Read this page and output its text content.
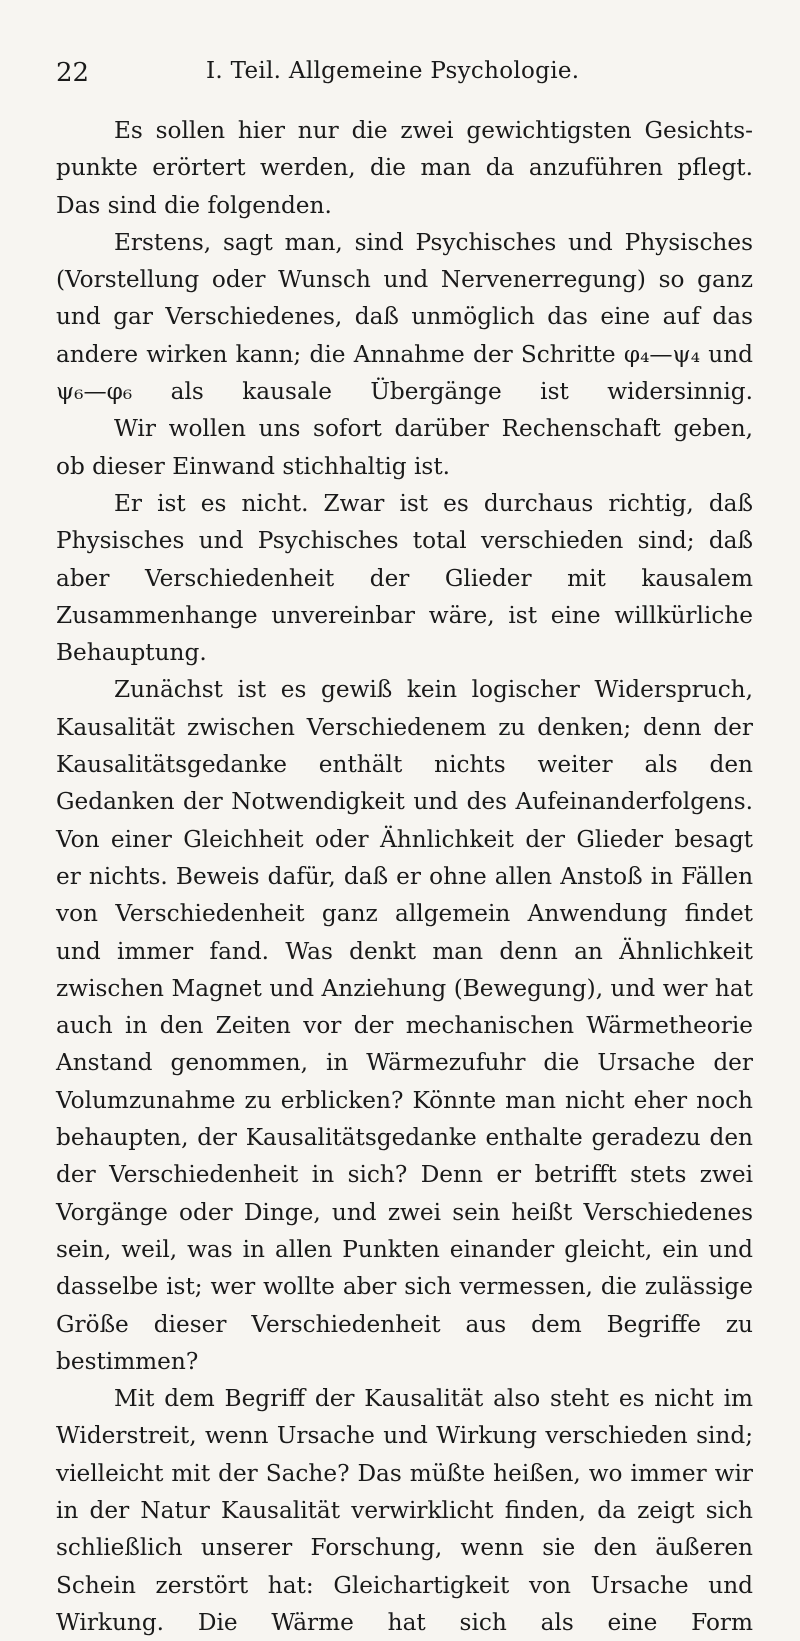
22	I. Teil. Allgemeine Psychologie.

Es sollen hier nur die zwei gewichtigsten Gesichtspunkte erörtert werden, die man da anzuführen pflegt. Das sind die folgenden.

Erstens, sagt man, sind Psychisches und Physisches (Vorstellung oder Wunsch und Nervenerregung) so ganz und gar Verschiedenes, daß unmöglich das eine auf das andere wirken kann; die Annahme der Schritte φ₄—ψ₄ und ψ₆—φ₆ als kausale Übergänge ist widersinnig.

Wir wollen uns sofort darüber Rechenschaft geben, ob dieser Einwand stichhaltig ist.

Er ist es nicht. Zwar ist es durchaus richtig, daß Physisches und Psychisches total verschieden sind; daß aber Verschiedenheit der Glieder mit kausalem Zusammenhange unvereinbar wäre, ist eine willkürliche Behauptung.

Zunächst ist es gewiß kein logischer Widerspruch, Kausalität zwischen Verschiedenem zu denken; denn der Kausalitätsgedanke enthält nichts weiter als den Gedanken der Notwendigkeit und des Aufeinanderfolgens. Von einer Gleichheit oder Ähnlichkeit der Glieder besagt er nichts. Beweis dafür, daß er ohne allen Anstoß in Fällen von Verschiedenheit ganz allgemein Anwendung findet und immer fand. Was denkt man denn an Ähnlichkeit zwischen Magnet und Anziehung (Bewegung), und wer hat auch in den Zeiten vor der mechanischen Wärmetheorie Anstand genommen, in Wärmezufuhr die Ursache der Volumzunahme zu erblicken? Könnte man nicht eher noch behaupten, der Kausalitätsgedanke enthalte geradezu den der Verschiedenheit in sich? Denn er betrifft stets zwei Vorgänge oder Dinge, und zwei sein heißt Verschiedenes sein, weil, was in allen Punkten einander gleicht, ein und dasselbe ist; wer wollte aber sich vermessen, die zulässige Größe dieser Verschiedenheit aus dem Begriffe zu bestimmen?

Mit dem Begriff der Kausalität also steht es nicht im Widerstreit, wenn Ursache und Wirkung verschieden sind; vielleicht mit der Sache? Das müßte heißen, wo immer wir in der Natur Kausalität verwirklicht finden, da zeigt sich schließlich unserer Forschung, wenn sie den äußeren Schein zerstört hat: Gleichartigkeit von Ursache und Wirkung. Die Wärme hat sich als eine Form
